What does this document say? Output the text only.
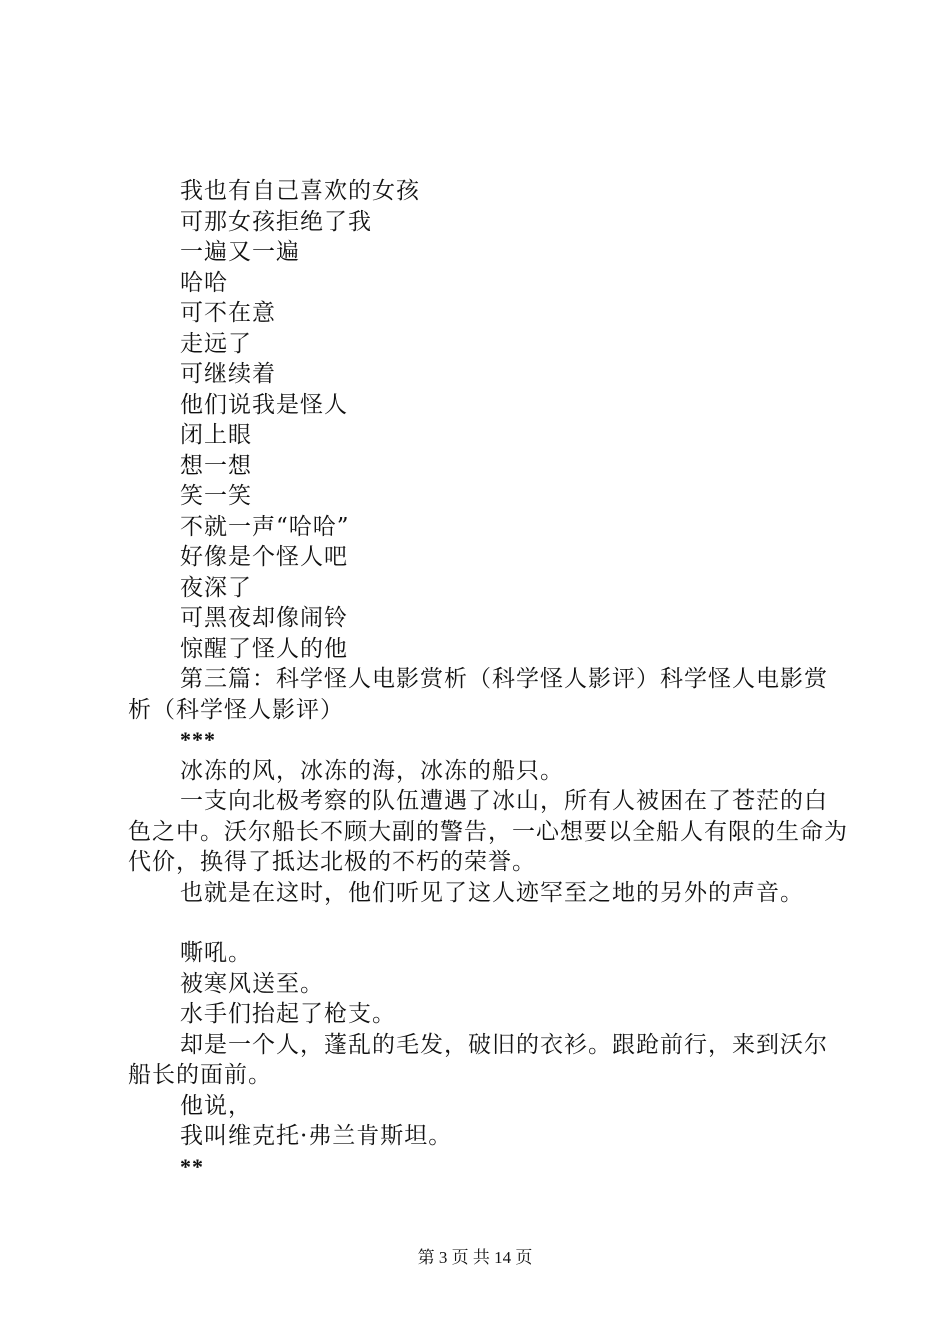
我也有自己喜欢的女孩
可那女孩拒绝了我
一遍又一遍
哈哈
可不在意
走远了
可继续着
他们说我是怪人
闭上眼
想一想
笑一笑
不就一声“哈哈”
好像是个怪人吧
夜深了
可黑夜却像闹铃
惊醒了怪人的他
第三篇：科学怪人电影赏析（科学怪人影评）科学怪人电影赏析（科学怪人影评）
***
冰冻的风，冰冻的海，冰冻的船只。
一支向北极考察的队伍遭遇了冰山，所有人被困在了苍茫的白色之中。沃尔船长不顾大副的警告，一心想要以全船人有限的生命为代价，换得了抵达北极的不朽的荣誉。
也就是在这时，他们听见了这人迹罕至之地的另外的声音。
嘶吼。
被寒风送至。
水手们抬起了枪支。
却是一个人，蓬乱的毛发，破旧的衣衫。跟跄前行，来到沃尔船长的面前。
他说，
我叫维克托·弗兰肯斯坦。
**
第 3 页 共 14 页
